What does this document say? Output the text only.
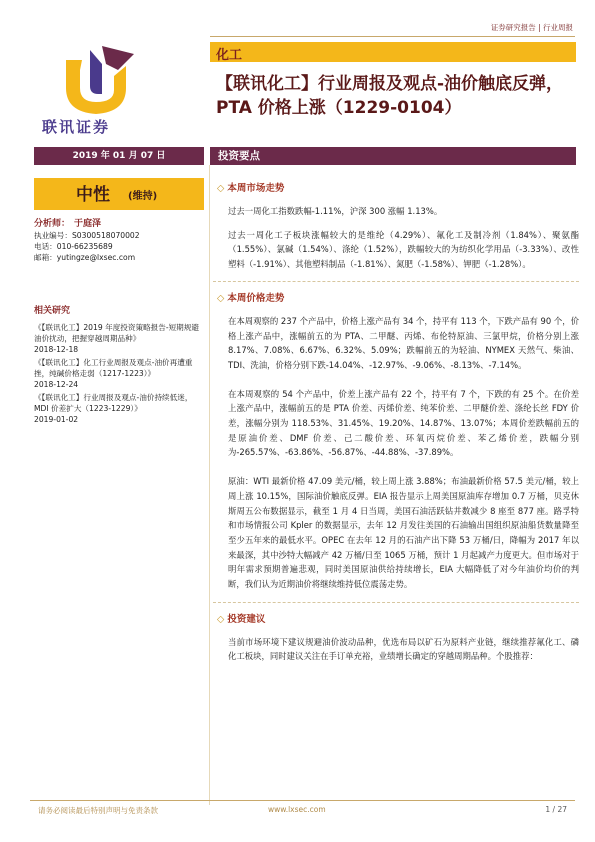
证券研究报告 | 行业周报
联讯证券
化工
【联讯化工】行业周报及观点-油价触底反弹，PTA 价格上涨（1229-0104）
2019 年 01 月 07 日	投资要点
中性 (维持)
分析师： 于庭泽
执业编号：S0300518070002
电话：010-66235689
邮箱：yutingze@lxsec.com
相关研究
《【联讯化工】2019 年度投资策略报告-短期规避油价扰动，把握穿越周期品种》
2018-12-18
《【联讯化工】化工行业周报及观点-油价再遭重挫，纯碱价格走弱（1217-1223）》
2018-12-24
《【联讯化工】行业周报及观点-油价持续低迷，MDI 价差扩大（1223-1229）》
2019-01-02
◇ 本周市场走势
过去一周化工指数跌幅-1.11%，沪深 300 涨幅 1.13%。
过去一周化工子板块涨幅较大的是维纶（4.29%）、氟化工及制冷剂（1.84%）、聚氨酯（1.55%）、氯碱（1.54%）、涤纶（1.52%），跌幅较大的为纺织化学用品（-3.33%）、改性塑料（-1.91%）、其他塑料制品（-1.81%）、氮肥（-1.58%）、钾肥（-1.28%）。
◇ 本周价格走势
在本周观察的 237 个产品中，价格上涨产品有 34 个，持平有 113 个，下跌产品有 90 个，价格上涨产品中，涨幅前五的为 PTA、二甲醚、丙烯、布伦特原油、三氯甲烷，价格分别上涨 8.17%、7.08%、6.67%、6.32%、5.09%；跌幅前五的为轻油、NYMEX 天然气、柴油、TDI、洗油，价格分别下跌-14.04%、-12.97%、-9.06%、-8.13%、-7.14%。
在本周观察的 54 个产品中，价差上涨产品有 22 个，持平有 7 个，下跌的有 25 个。在价差上涨产品中，涨幅前五的是 PTA 价差、丙烯价差、纯苯价差、二甲醚价差、涤纶长丝 FDY 价差，涨幅分别为 118.53%、31.45%、19.20%、14.87%、13.07%；本周价差跌幅前五的是原油价差、DMF 价差、己二酸价差、环氧丙烷价差、苯乙烯价差，跌幅分别为-265.57%、-63.86%、-56.87%、-44.88%、-37.89%。
原油：WTI 最新价格 47.09 美元/桶，较上周上涨 3.88%；布油最新价格 57.5 美元/桶，较上周上涨 10.15%，国际油价触底反弹。EIA 报告显示上周美国原油库存增加 0.7 万桶，贝克休斯周五公布数据显示，截至 1 月 4 日当周，美国石油活跃钻井数减少 8 座至 877 座。路孚特和市场情报公司 Kpler 的数据显示，去年 12 月发往美国的石油输出国组织原油船货数量降至至少五年来的最低水平。OPEC 在去年 12 月的石油产出下降 53 万桶/日，降幅为 2017 年以来最深，其中沙特大幅减产 42 万桶/日至 1065 万桶，预计 1 月起减产力度更大。但市场对于明年需求预期普遍悲观，同时美国原油供给持续增长，EIA 大幅降低了对今年油价均价的判断，我们认为近期油价将继续维持低位震荡走势。
◇ 投资建议
当前市场环境下建议规避油价波动品种，优选布局以矿石为原料产业链，继续推荐氟化工、磷化工板块，同时建议关注在手订单充裕，业绩增长确定的穿越周期品种。个股推荐：
请务必阅读最后特别声明与免责条款	www.lxsec.com	1 / 27
